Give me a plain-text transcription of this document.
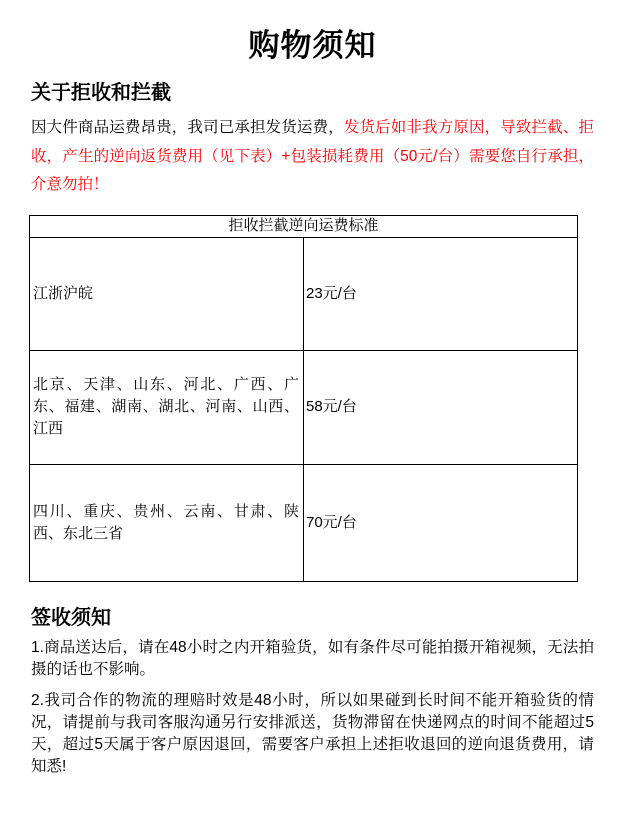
购物须知
关于拒收和拦截

因大件商品运费昂贵，我司已承担发货运费，发货后如非我方原因，导致拦截、拒收，产生的逆向返货费用（见下表）+包装损耗费用（50元/台）需要您自行承担，介意勿拍！

拒收拦截逆向运费标准	
江浙沪皖	23元/台
北京、天津、山东、河北、广西、广东、福建、湖南、湖北、河南、山西、江西	58元/台
四川、重庆、贵州、云南、甘肃、陕西、东北三省	70元/台
签收须知

1.商品送达后，请在48小时之内开箱验货，如有条件尽可能拍摄开箱视频，无法拍摄的话也不影响。

2.我司合作的物流的理赔时效是48小时，所以如果碰到长时间不能开箱验货的情况，请提前与我司客服沟通另行安排派送，货物滞留在快递网点的时间不能超过5天，超过5天属于客户原因退回，需要客户承担上述拒收退回的逆向退货费用，请知悉!
